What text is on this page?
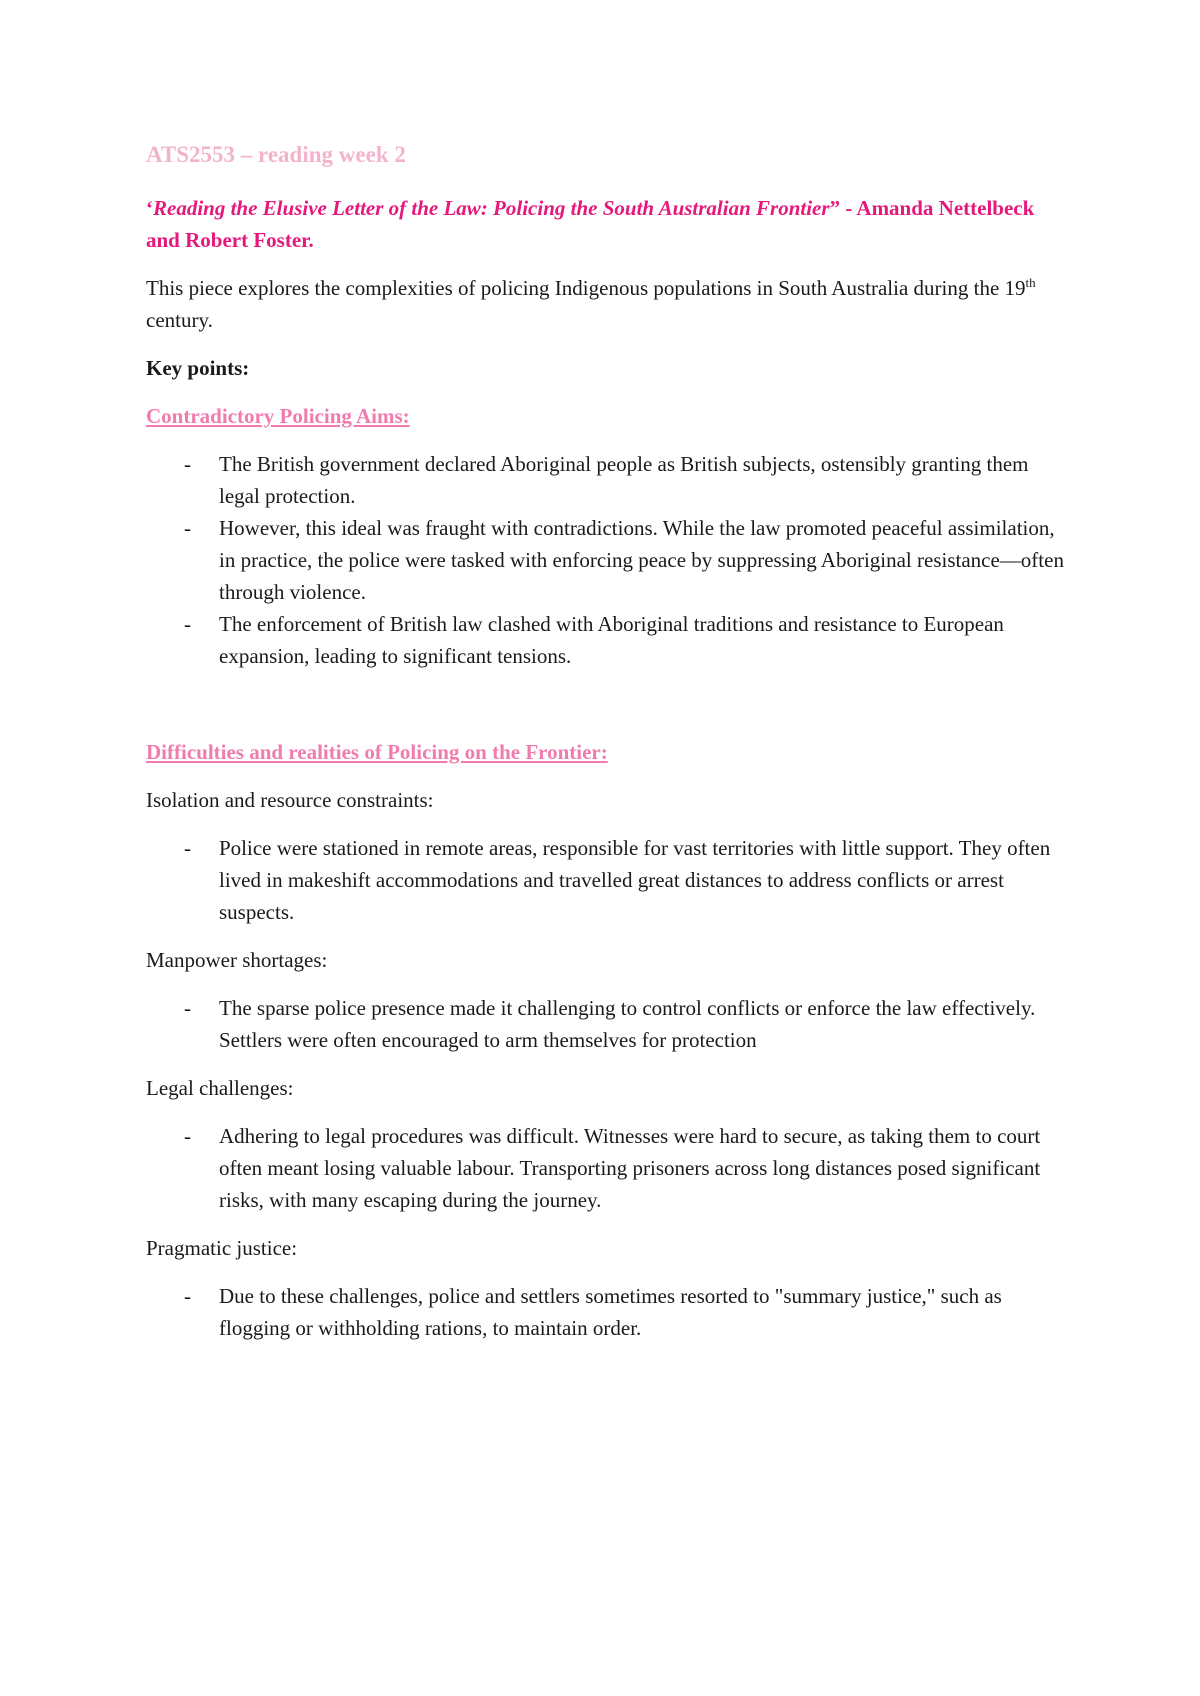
ATS2553 – reading week 2
‘Reading the Elusive Letter of the Law: Policing the South Australian Frontier” - Amanda Nettelbeck and Robert Foster.

This piece explores the complexities of policing Indigenous populations in South Australia during the 19th century.

Key points:
Contradictory Policing Aims:
- The British government declared Aboriginal people as British subjects, ostensibly granting them legal protection.
- However, this ideal was fraught with contradictions. While the law promoted peaceful assimilation, in practice, the police were tasked with enforcing peace by suppressing Aboriginal resistance—often through violence.
- The enforcement of British law clashed with Aboriginal traditions and resistance to European expansion, leading to significant tensions.
Difficulties and realities of Policing on the Frontier:
Isolation and resource constraints:
- Police were stationed in remote areas, responsible for vast territories with little support. They often lived in makeshift accommodations and travelled great distances to address conflicts or arrest suspects.
Manpower shortages:
- The sparse police presence made it challenging to control conflicts or enforce the law effectively. Settlers were often encouraged to arm themselves for protection
Legal challenges:
- Adhering to legal procedures was difficult. Witnesses were hard to secure, as taking them to court often meant losing valuable labour. Transporting prisoners across long distances posed significant risks, with many escaping during the journey.
Pragmatic justice:
- Due to these challenges, police and settlers sometimes resorted to "summary justice," such as flogging or withholding rations, to maintain order.
